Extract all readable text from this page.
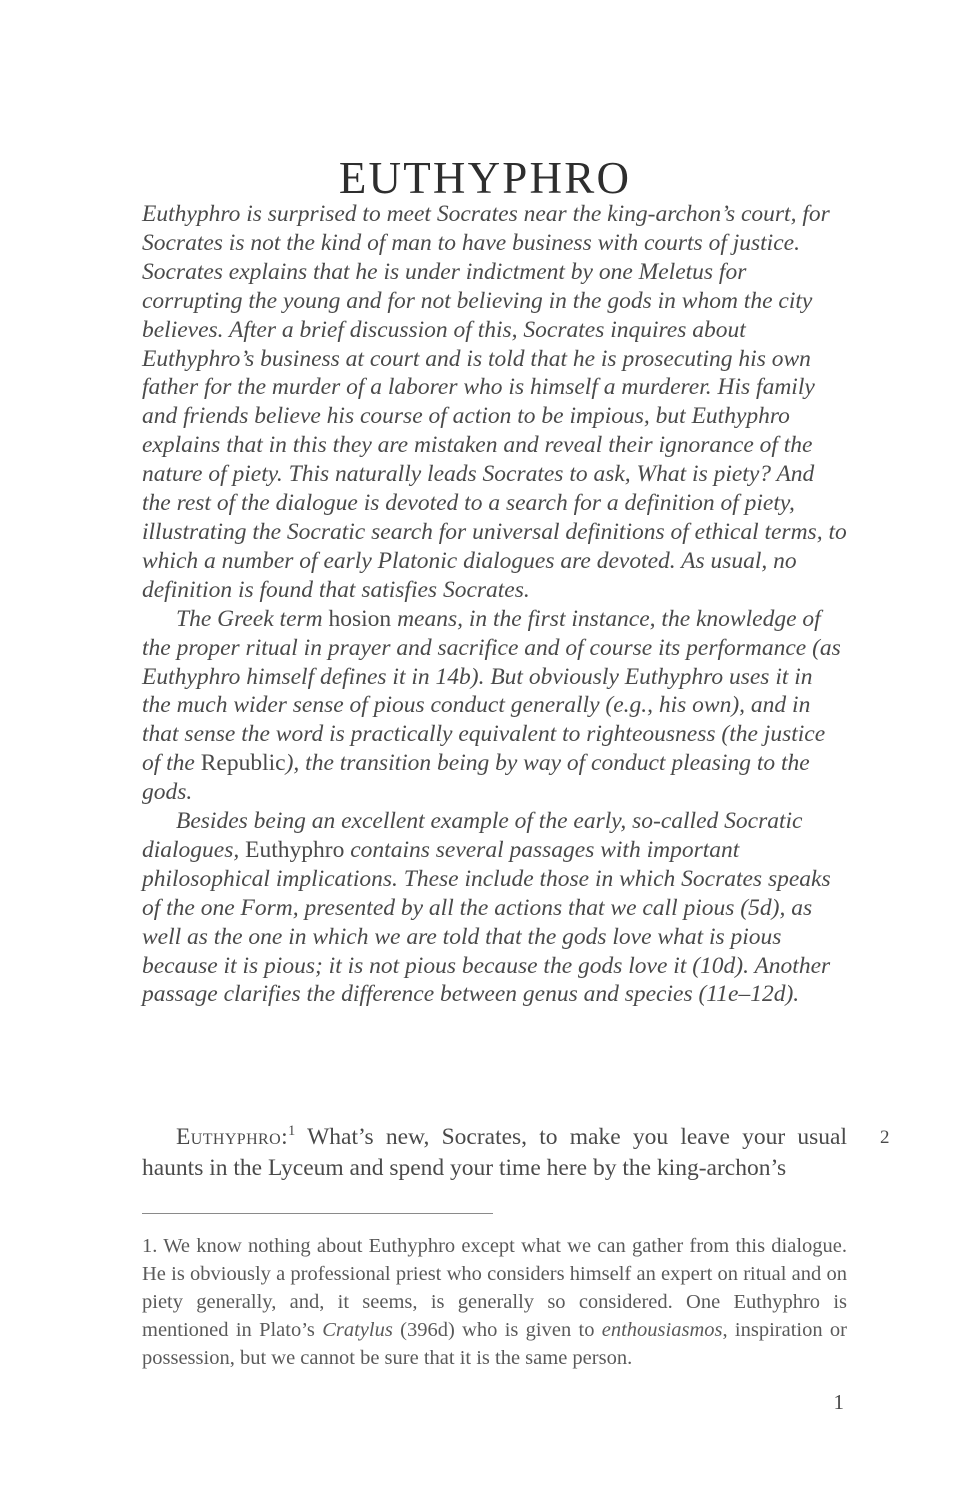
EUTHYPHRO

Euthyphro is surprised to meet Socrates near the king-archon’s court, for Socrates is not the kind of man to have business with courts of justice. Socrates explains that he is under indictment by one Meletus for corrupting the young and for not believing in the gods in whom the city believes. After a brief discussion of this, Socrates inquires about Euthyphro’s business at court and is told that he is prosecuting his own father for the murder of a laborer who is himself a murderer. His family and friends believe his course of action to be impious, but Euthyphro explains that in this they are mistaken and reveal their ignorance of the nature of piety. This naturally leads Socrates to ask, What is piety? And the rest of the dialogue is devoted to a search for a definition of piety, illustrating the Socratic search for universal definitions of ethical terms, to which a number of early Platonic dialogues are devoted. As usual, no definition is found that satisfies Socrates.

The Greek term hosion means, in the first instance, the knowledge of the proper ritual in prayer and sacrifice and of course its performance (as Euthyphro himself defines it in 14b). But obviously Euthyphro uses it in the much wider sense of pious conduct generally (e.g., his own), and in that sense the word is practically equivalent to righteousness (the justice of the Republic), the transition being by way of conduct pleasing to the gods.

Besides being an excellent example of the early, so-called Socratic dialogues, Euthyphro contains several passages with important philosophical implications. These include those in which Socrates speaks of the one Form, presented by all the actions that we call pious (5d), as well as the one in which we are told that the gods love what is pious because it is pious; it is not pious because the gods love it (10d). Another passage clarifies the difference between genus and species (11e–12d).

Euthyphro:$^1$ What’s new, Socrates, to make you leave your usual haunts in the Lyceum and spend your time here by the king-archon’s

2

1. We know nothing about Euthyphro except what we can gather from this dialogue. He is obviously a professional priest who considers himself an expert on ritual and on piety generally, and, it seems, is generally so considered. One Euthyphro is mentioned in Plato’s Cratylus (396d) who is given to enthousiasmos, inspiration or possession, but we cannot be sure that it is the same person.

1
